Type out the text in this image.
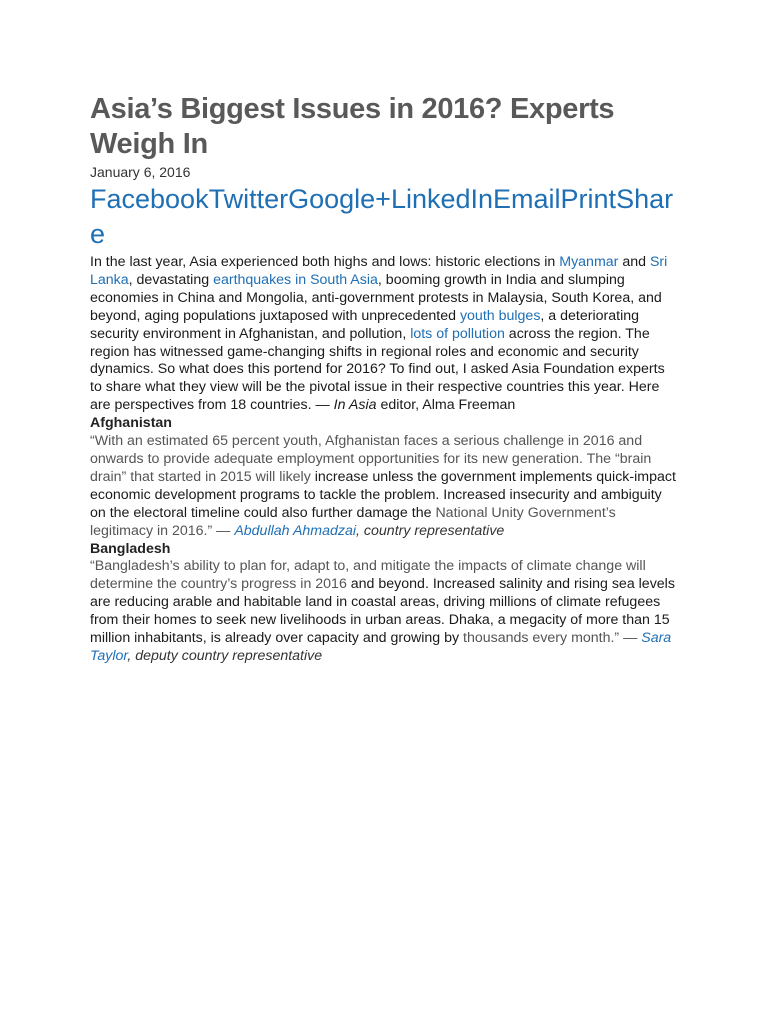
Asia’s Biggest Issues in 2016? Experts Weigh In
January 6, 2016
FacebookTwitterGoogle+LinkedInEmailPrintShare

In the last year, Asia experienced both highs and lows: historic elections in Myanmar and Sri Lanka, devastating earthquakes in South Asia, booming growth in India and slumping economies in China and Mongolia, anti-government protests in Malaysia, South Korea, and beyond, aging populations juxtaposed with unprecedented youth bulges, a deteriorating security environment in Afghanistan, and pollution, lots of pollution across the region. The region has witnessed game-changing shifts in regional roles and economic and security dynamics. So what does this portend for 2016? To find out, I asked Asia Foundation experts to share what they view will be the pivotal issue in their respective countries this year. Here are perspectives from 18 countries. — In Asia editor, Alma Freeman

Afghanistan

“With an estimated 65 percent youth, Afghanistan faces a serious challenge in 2016 and onwards to provide adequate employment opportunities for its new generation. The “brain drain” that started in 2015 will likely increase unless the government implements quick-impact economic development programs to tackle the problem. Increased insecurity and ambiguity on the electoral timeline could also further damage the National Unity Government’s legitimacy in 2016.” — Abdullah Ahmadzai, country representative

Bangladesh

“Bangladesh’s ability to plan for, adapt to, and mitigate the impacts of climate change will determine the country’s progress in 2016 and beyond. Increased salinity and rising sea levels are reducing arable and habitable land in coastal areas, driving millions of climate refugees from their homes to seek new livelihoods in urban areas. Dhaka, a megacity of more than 15 million inhabitants, is already over capacity and growing by thousands every month.” — Sara Taylor, deputy country representative
